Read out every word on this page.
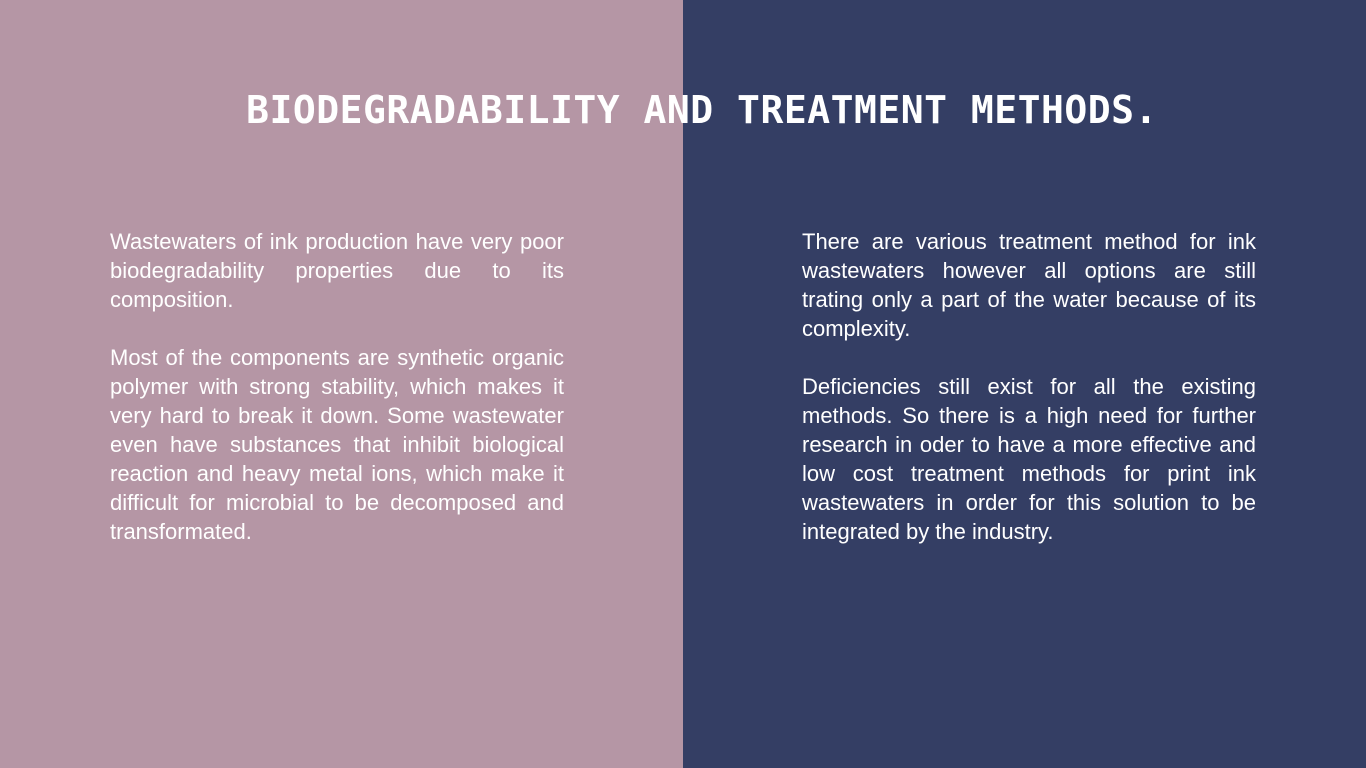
BIODEGRADABILITY AND TREATMENT METHODS.

Wastewaters of ink production have very poor biodegradability properties due to its composition.

Most of the components are synthetic organic polymer with strong stability, which makes it very hard to break it down. Some wastewater even have substances that inhibit biological reaction and heavy metal ions, which make it difficult for microbial to be decomposed and transformated.

There are various treatment method for ink wastewaters however all options are still trating only a part of the water because of its complexity.

Deficiencies still exist for all the existing methods. So there is a high need for further research in oder to have a more effective and low cost treatment methods for print ink wastewaters in order for this solution to be integrated by the industry.
